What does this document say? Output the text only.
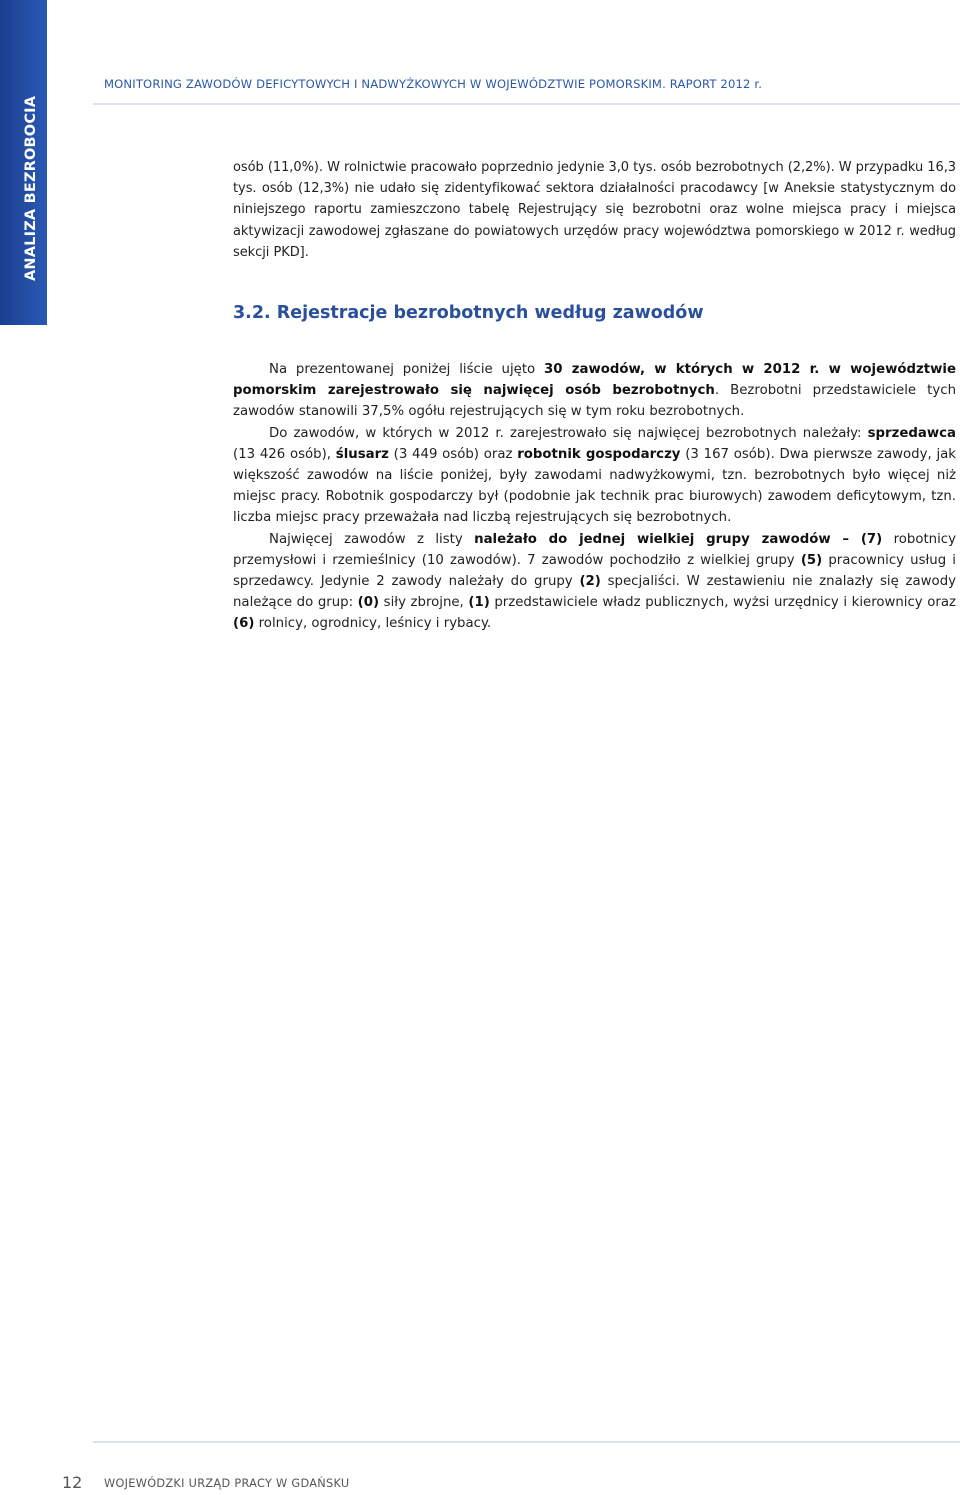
ANALIZA BEZROBOCIA
MONITORING ZAWODÓW DEFICYTOWYCH I NADWYŻKOWYCH W WOJEWÓDZTWIE POMORSKIM. RAPORT 2012 r.

osób (11,0%). W rolnictwie pracowało poprzednio jedynie 3,0 tys. osób bezrobotnych (2,2%). W przypadku 16,3 tys. osób (12,3%) nie udało się zidentyfikować sektora działalności pracodawcy [w Aneksie statystycznym do niniejszego raportu zamieszczono tabelę Rejestrujący się bezrobotni oraz wolne miejsca pracy i miejsca aktywizacji zawodowej zgłaszane do powiatowych urzędów pracy województwa pomorskiego w 2012 r. według sekcji PKD].

3.2. Rejestracje bezrobotnych według zawodów

Na prezentowanej poniżej liście ujęto 30 zawodów, w których w 2012 r. w województwie pomorskim zarejestrowało się najwięcej osób bezrobotnych. Bezrobotni przedstawiciele tych zawodów stanowili 37,5% ogółu rejestrujących się w tym roku bezrobotnych.

Do zawodów, w których w 2012 r. zarejestrowało się najwięcej bezrobotnych należały: sprzedawca (13 426 osób), ślusarz (3 449 osób) oraz robotnik gospodarczy (3 167 osób). Dwa pierwsze zawody, jak większość zawodów na liście poniżej, były zawodami nadwyżkowymi, tzn. bezrobotnych było więcej niż miejsc pracy. Robotnik gospodarczy był (podobnie jak technik prac biurowych) zawodem deficytowym, tzn. liczba miejsc pracy przeważała nad liczbą rejestrujących się bezrobotnych.

Najwięcej zawodów z listy należało do jednej wielkiej grupy zawodów – (7) robotnicy przemysłowi i rzemieślnicy (10 zawodów). 7 zawodów pochodziło z wielkiej grupy (5) pracownicy usług i sprzedawcy. Jedynie 2 zawody należały do grupy (2) specjaliści. W zestawieniu nie znalazły się zawody należące do grup: (0) siły zbrojne, (1) przedstawiciele władz publicznych, wyżsi urzędnicy i kierownicy oraz (6) rolnicy, ogrodnicy, leśnicy i rybacy.

12 WOJEWÓDZKI URZĄD PRACY W GDAŃSKU
